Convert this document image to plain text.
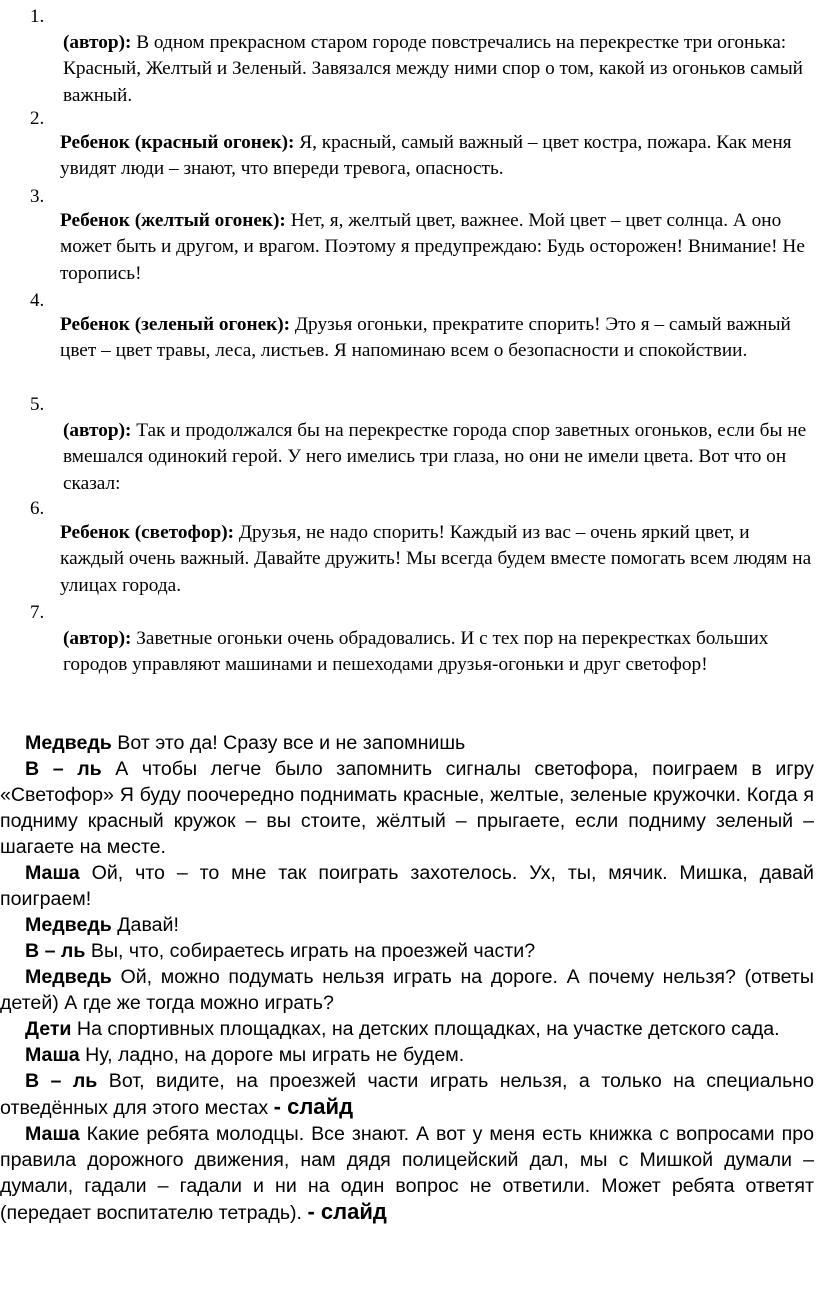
1.
(автор): В одном прекрасном старом городе повстречались на перекрестке три огонька: Красный, Желтый и Зеленый. Завязался между ними спор о том, какой из огоньков самый важный.
2.
Ребенок (красный огонек): Я, красный, самый важный – цвет костра, пожара. Как меня увидят люди – знают, что впереди тревога, опасность.
3.
Ребенок (желтый огонек): Нет, я, желтый цвет, важнее. Мой цвет – цвет солнца. А оно может быть и другом, и врагом. Поэтому я предупреждаю: Будь осторожен! Внимание! Не торопись!
4.
Ребенок (зеленый огонек): Друзья огоньки, прекратите спорить! Это я – самый важный цвет – цвет травы, леса, листьев. Я напоминаю всем о безопасности и спокойствии.
5.
(автор): Так и продолжался бы на перекрестке города спор заветных огоньков, если бы не вмешался одинокий герой. У него имелись три глаза, но они не имели цвета. Вот что он сказал:
6.
Ребенок (светофор): Друзья, не надо спорить! Каждый из вас – очень яркий цвет, и каждый очень важный. Давайте дружить! Мы всегда будем вместе помогать всем людям на улицах города.
7.
(автор): Заветные огоньки очень обрадовались. И с тех пор на перекрестках больших городов управляют машинами и пешеходами друзья-огоньки и друг светофор!

Медведь Вот это да! Сразу все и не запомнишь

В – ль А чтобы легче было запомнить сигналы светофора, поиграем в игру «Светофор» Я буду поочередно поднимать красные, желтые, зеленые кружочки. Когда я подниму красный кружок – вы стоите, жёлтый – прыгаете, если подниму зеленый – шагаете на месте.

Маша Ой, что – то мне так поиграть захотелось. Ух, ты, мячик. Мишка, давай поиграем!

Медведь Давай!

В – ль Вы, что, собираетесь играть на проезжей части?

Медведь Ой, можно подумать нельзя играть на дороге. А почему нельзя? (ответы детей) А где же тогда можно играть?

Дети На спортивных площадках, на детских площадках, на участке детского сада.

Маша Ну, ладно, на дороге мы играть не будем.

В – ль Вот, видите, на проезжей части играть нельзя, а только на специально отведённых для этого местах - слайд

Маша Какие ребята молодцы. Все знают. А вот у меня есть книжка с вопросами про правила дорожного движения, нам дядя полицейский дал, мы с Мишкой думали – думали, гадали – гадали и ни на один вопрос не ответили. Может ребята ответят (передает воспитателю тетрадь). - слайд
